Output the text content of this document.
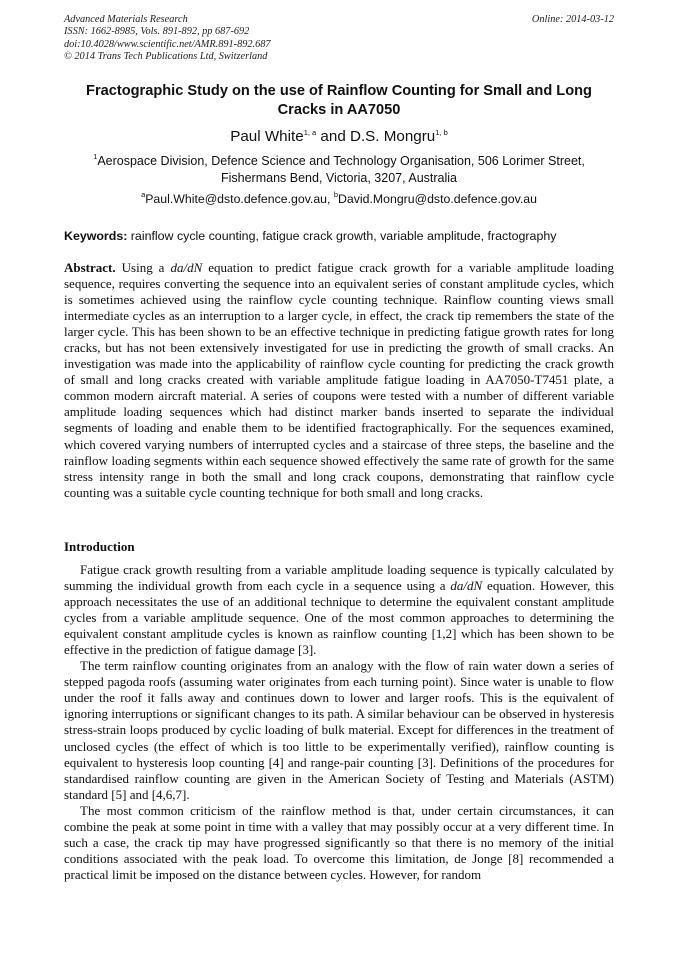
Advanced Materials Research
ISSN: 1662-8985, Vols. 891-892, pp 687-692
doi:10.4028/www.scientific.net/AMR.891-892.687
© 2014 Trans Tech Publications Ltd, Switzerland
Online: 2014-03-12
Fractographic Study on the use of Rainflow Counting for Small and Long Cracks in AA7050
Paul White$^{1, a}$ and D.S. Mongru$^{1, b}$
$^1$Aerospace Division, Defence Science and Technology Organisation, 506 Lorimer Street, Fishermans Bend, Victoria, 3207, Australia
$^a$Paul.White@dsto.defence.gov.au, $^b$David.Mongru@dsto.defence.gov.au
Keywords: rainflow cycle counting, fatigue crack growth, variable amplitude, fractography

Abstract. Using a da/dN equation to predict fatigue crack growth for a variable amplitude loading sequence, requires converting the sequence into an equivalent series of constant amplitude cycles, which is sometimes achieved using the rainflow cycle counting technique. Rainflow counting views small intermediate cycles as an interruption to a larger cycle, in effect, the crack tip remembers the state of the larger cycle. This has been shown to be an effective technique in predicting fatigue growth rates for long cracks, but has not been extensively investigated for use in predicting the growth of small cracks. An investigation was made into the applicability of rainflow cycle counting for predicting the crack growth of small and long cracks created with variable amplitude fatigue loading in AA7050-T7451 plate, a common modern aircraft material. A series of coupons were tested with a number of different variable amplitude loading sequences which had distinct marker bands inserted to separate the individual segments of loading and enable them to be identified fractographically. For the sequences examined, which covered varying numbers of interrupted cycles and a staircase of three steps, the baseline and the rainflow loading segments within each sequence showed effectively the same rate of growth for the same stress intensity range in both the small and long crack coupons, demonstrating that rainflow cycle counting was a suitable cycle counting technique for both small and long cracks.

Introduction

Fatigue crack growth resulting from a variable amplitude loading sequence is typically calculated by summing the individual growth from each cycle in a sequence using a da/dN equation. However, this approach necessitates the use of an additional technique to determine the equivalent constant amplitude cycles from a variable amplitude sequence. One of the most common approaches to determining the equivalent constant amplitude cycles is known as rainflow counting [1,2] which has been shown to be effective in the prediction of fatigue damage [3].

The term rainflow counting originates from an analogy with the flow of rain water down a series of stepped pagoda roofs (assuming water originates from each turning point). Since water is unable to flow under the roof it falls away and continues down to lower and larger roofs. This is the equivalent of ignoring interruptions or significant changes to its path. A similar behaviour can be observed in hysteresis stress-strain loops produced by cyclic loading of bulk material. Except for differences in the treatment of unclosed cycles (the effect of which is too little to be experimentally verified), rainflow counting is equivalent to hysteresis loop counting [4] and range-pair counting [3]. Definitions of the procedures for standardised rainflow counting are given in the American Society of Testing and Materials (ASTM) standard [5] and [4,6,7].

The most common criticism of the rainflow method is that, under certain circumstances, it can combine the peak at some point in time with a valley that may possibly occur at a very different time. In such a case, the crack tip may have progressed significantly so that there is no memory of the initial conditions associated with the peak load. To overcome this limitation, de Jonge [8] recommended a practical limit be imposed on the distance between cycles. However, for random
